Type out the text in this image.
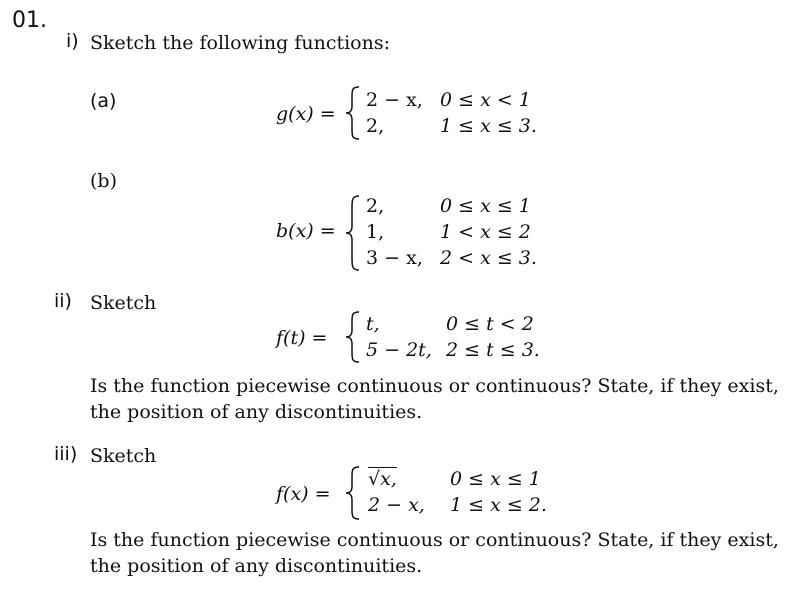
01.
i) Sketch the following functions:
(a)
g(x) =
2 − x, 0 ≤ x < 1
2,	1 ≤ x ≤ 3.
(b)
b(x) =
2,	0 ≤ x ≤ 1
1,	1 < x ≤ 2
3 − x, 2 < x ≤ 3.
ii) Sketch
f(t) =
t,	0 ≤ t < 2
5 − 2t, 2 ≤ t ≤ 3.
Is the function piecewise continuous or continuous? State, if they exist,
the position of any discontinuities.
iii) Sketch
f(x) =
√x,	0 ≤ x ≤ 1
2 − x, 1 ≤ x ≤ 2.
Is the function piecewise continuous or continuous? State, if they exist,
the position of any discontinuities.
